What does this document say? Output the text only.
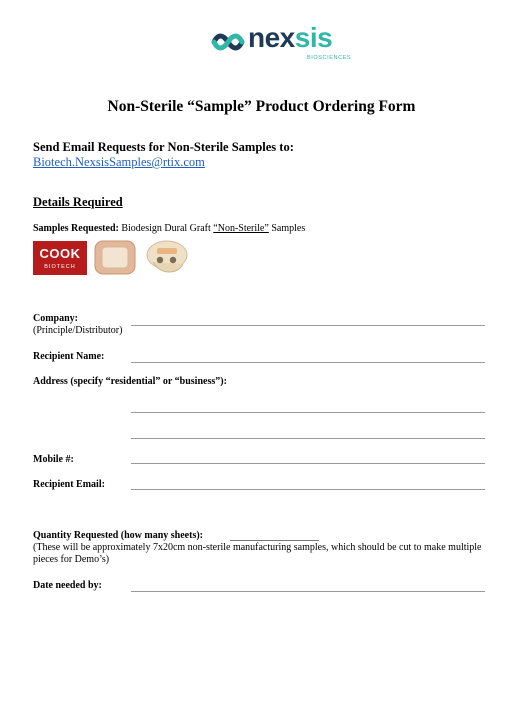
nexsis
BIOSCIENCES
Non-Sterile “Sample” Product Ordering Form
Send Email Requests for Non-Sterile Samples to:
Biotech.NexsisSamples@rtix.com
Details Required
Samples Requested: Biodesign Dural Graft “Non-Sterile” Samples
COOK
BIOTECH
Company:
(Principle/Distributor)
Recipient Name:
Address (specify “residential” or “business”):
Mobile #:
Recipient Email:
Quantity Requested (how many sheets):
(These will be approximately 7x20cm non-sterile manufacturing samples, which should be cut to make multiple pieces for Demo’s)
Date needed by:
